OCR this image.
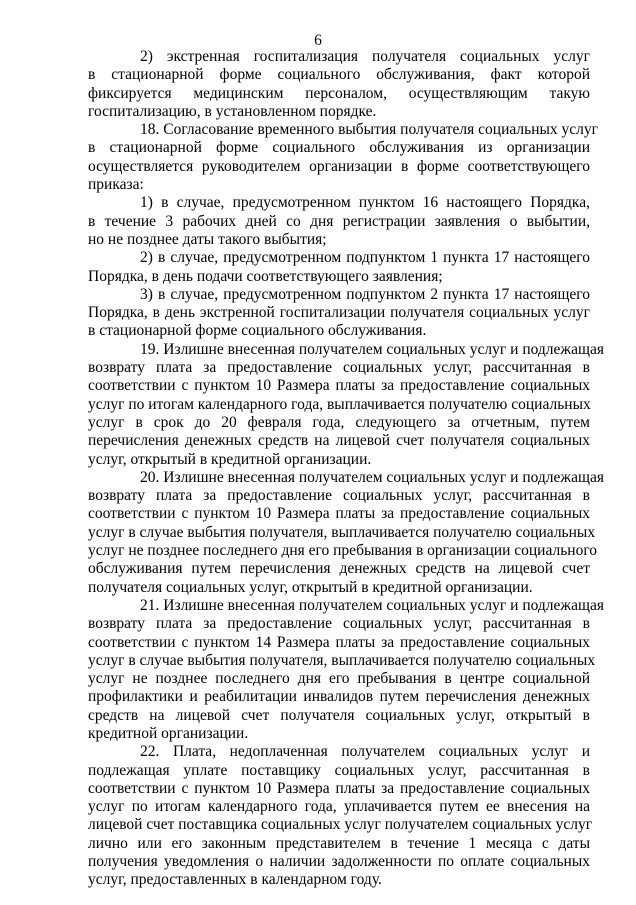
6
2) экстренная госпитализация получателя социальных услуг
в стационарной форме социального обслуживания, факт которой
фиксируется медицинским персоналом, осуществляющим такую
госпитализацию, в установленном порядке.
18. Согласование временного выбытия получателя социальных услуг
в стационарной форме социального обслуживания из организации
осуществляется руководителем организации в форме соответствующего
приказа:
1) в случае, предусмотренном пунктом 16 настоящего Порядка,
в течение 3 рабочих дней со дня регистрации заявления о выбытии,
но не позднее даты такого выбытия;
2) в случае, предусмотренном подпунктом 1 пункта 17 настоящего
Порядка, в день подачи соответствующего заявления;
3) в случае, предусмотренном подпунктом 2 пункта 17 настоящего
Порядка, в день экстренной госпитализации получателя социальных услуг
в стационарной форме социального обслуживания.
19. Излишне внесенная получателем социальных услуг и подлежащая
возврату плата за предоставление социальных услуг, рассчитанная в
соответствии с пунктом 10 Размера платы за предоставление социальных
услуг по итогам календарного года, выплачивается получателю социальных
услуг в срок до 20 февраля года, следующего за отчетным, путем
перечисления денежных средств на лицевой счет получателя социальных
услуг, открытый в кредитной организации.
20. Излишне внесенная получателем социальных услуг и подлежащая
возврату плата за предоставление социальных услуг, рассчитанная в
соответствии с пунктом 10 Размера платы за предоставление социальных
услуг в случае выбытия получателя, выплачивается получателю социальных
услуг не позднее последнего дня его пребывания в организации социального
обслуживания путем перечисления денежных средств на лицевой счет
получателя социальных услуг, открытый в кредитной организации.
21. Излишне внесенная получателем социальных услуг и подлежащая
возврату плата за предоставление социальных услуг, рассчитанная в
соответствии с пунктом 14 Размера платы за предоставление социальных
услуг в случае выбытия получателя, выплачивается получателю социальных
услуг не позднее последнего дня его пребывания в центре социальной
профилактики и реабилитации инвалидов путем перечисления денежных
средств на лицевой счет получателя социальных услуг, открытый в
кредитной организации.
22. Плата, недоплаченная получателем социальных услуг и
подлежащая уплате поставщику социальных услуг, рассчитанная в
соответствии с пунктом 10 Размера платы за предоставление социальных
услуг по итогам календарного года, уплачивается путем ее внесения на
лицевой счет поставщика социальных услуг получателем социальных услуг
лично или его законным представителем в течение 1 месяца с даты
получения уведомления о наличии задолженности по оплате социальных
услуг, предоставленных в календарном году.
